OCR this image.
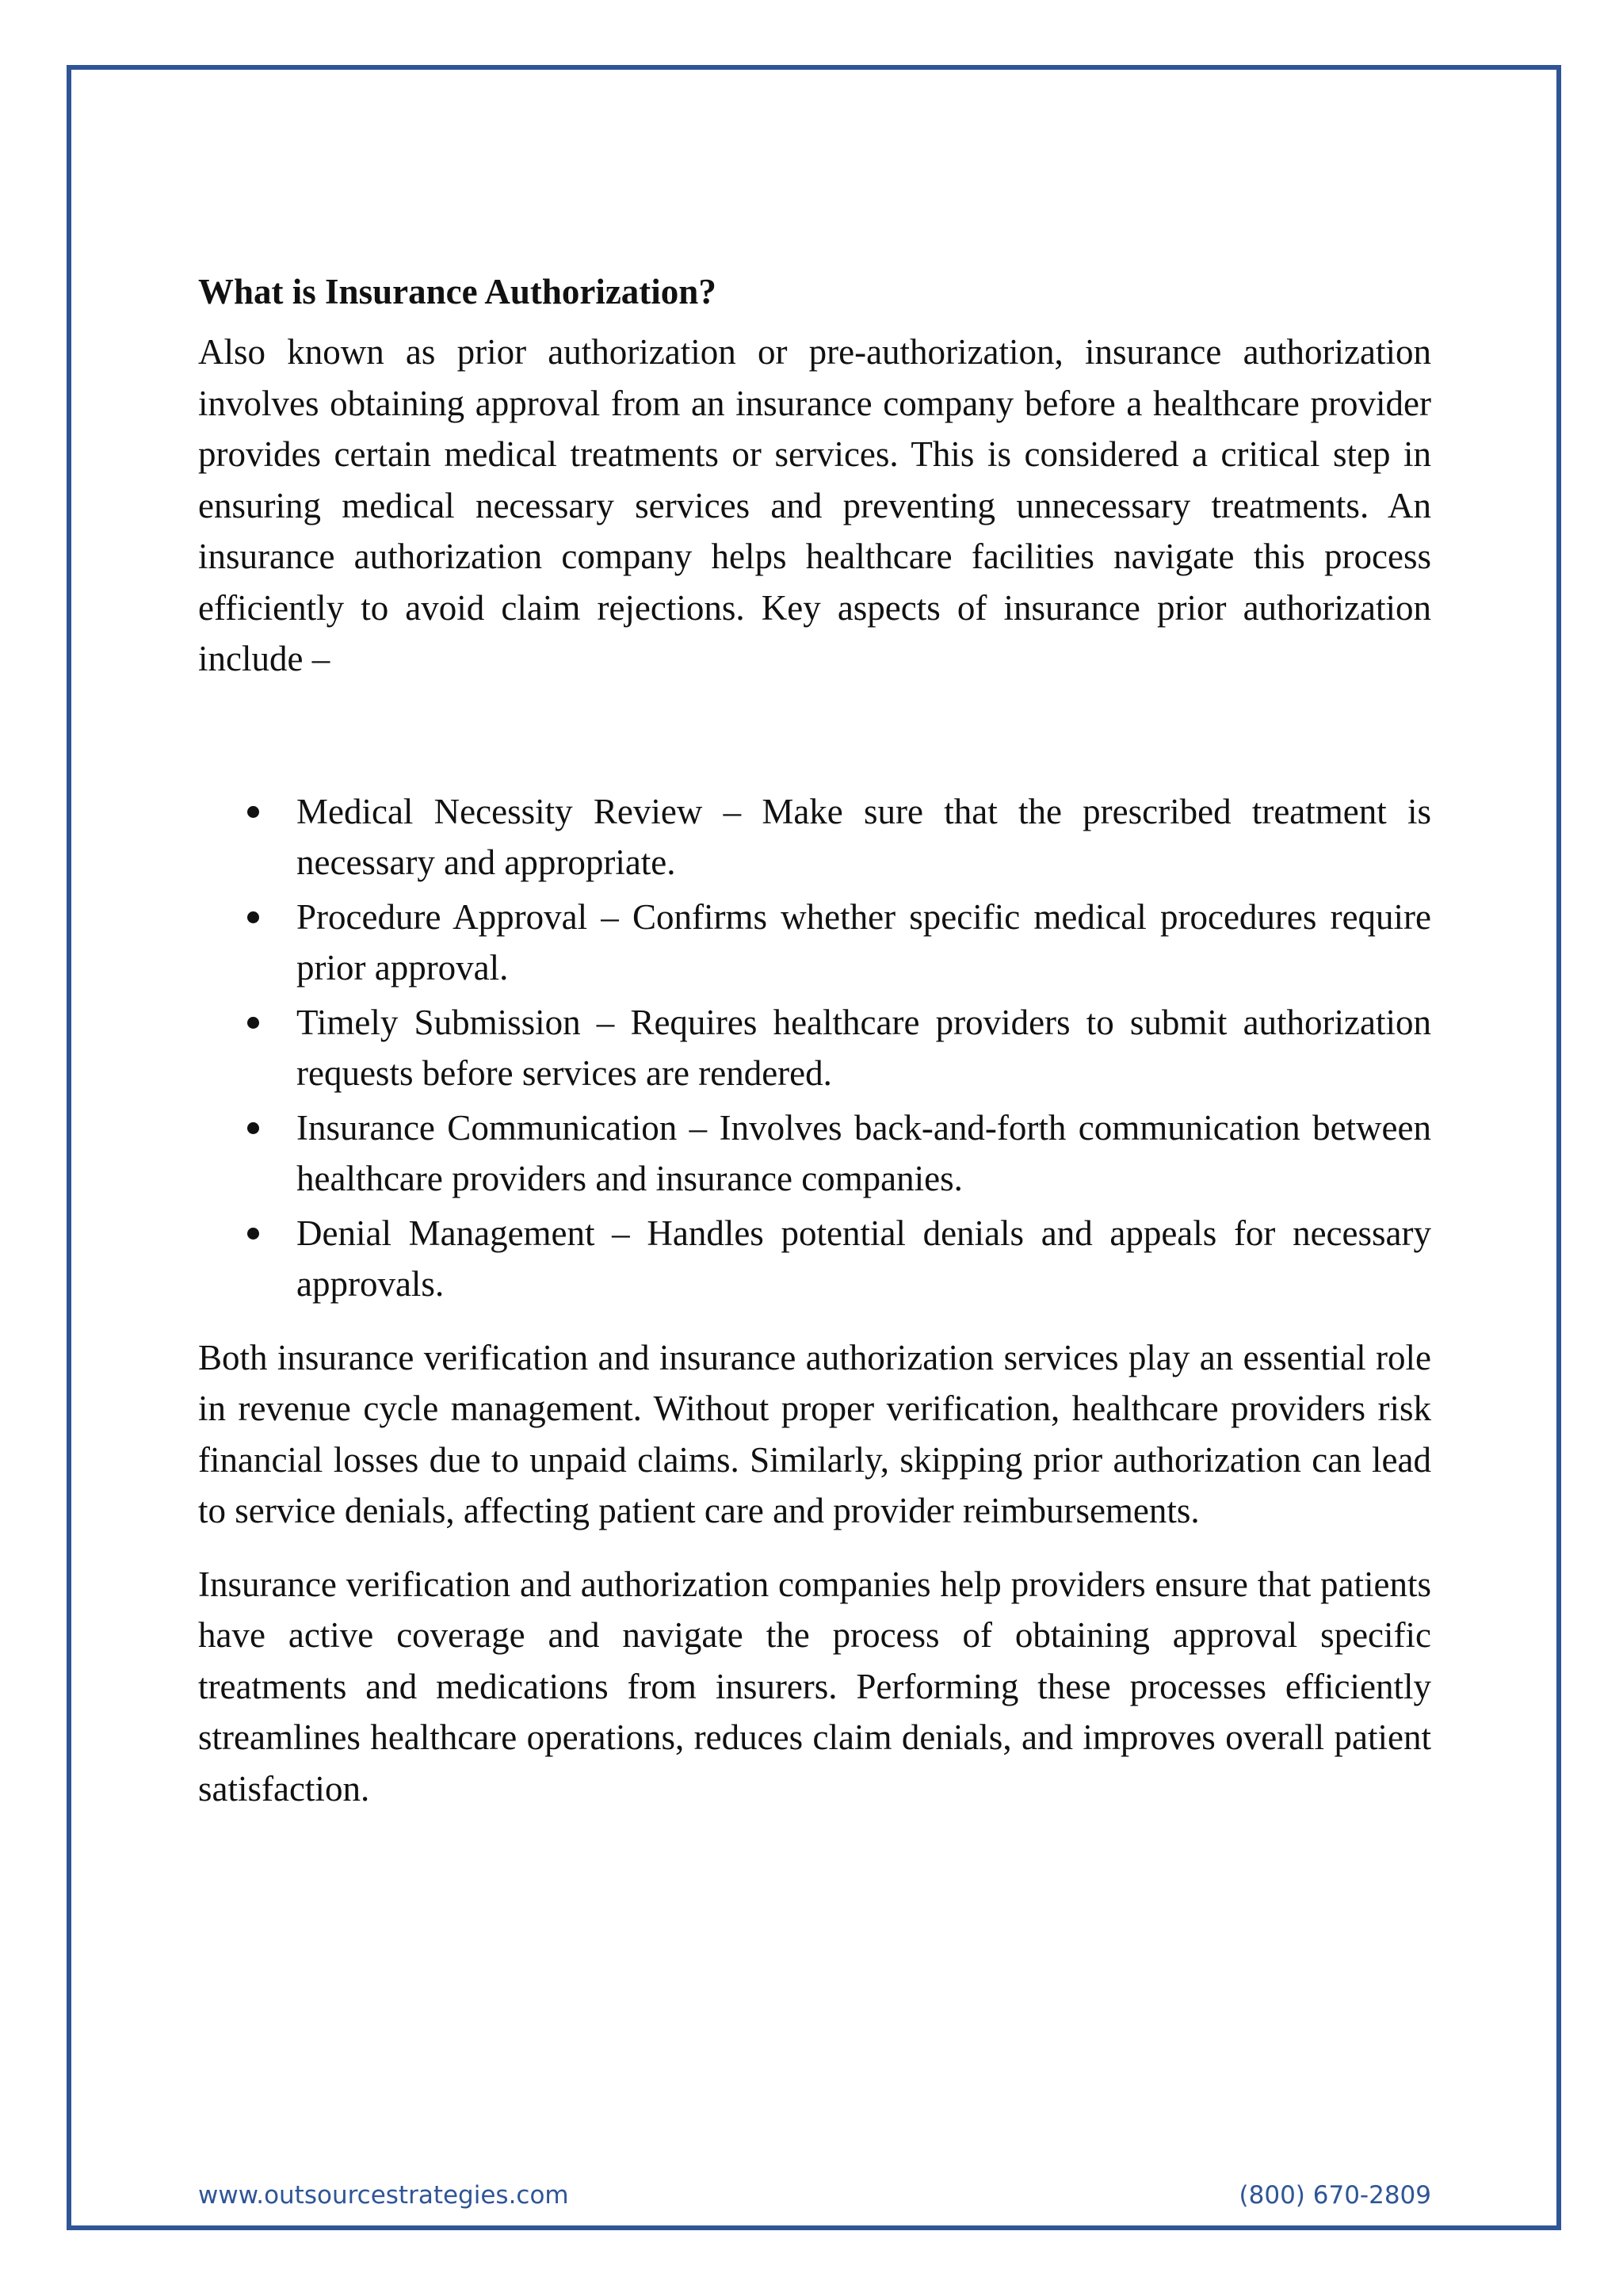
What is Insurance Authorization?

Also known as prior authorization or pre-authorization, insurance authorization involves obtaining approval from an insurance company before a healthcare provider provides certain medical treatments or services. This is considered a critical step in ensuring medical necessary services and preventing unnecessary treatments. An insurance authorization company helps healthcare facilities navigate this process efficiently to avoid claim rejections. Key aspects of insurance prior authorization include –

Medical Necessity Review – Make sure that the prescribed treatment is necessary and appropriate.
Procedure Approval – Confirms whether specific medical procedures require prior approval.
Timely Submission – Requires healthcare providers to submit authorization requests before services are rendered.
Insurance Communication – Involves back-and-forth communication between healthcare providers and insurance companies.
Denial Management – Handles potential denials and appeals for necessary approvals.

Both insurance verification and insurance authorization services play an essential role in revenue cycle management. Without proper verification, healthcare providers risk financial losses due to unpaid claims. Similarly, skipping prior authorization can lead to service denials, affecting patient care and provider reimbursements.

Insurance verification and authorization companies help providers ensure that patients have active coverage and navigate the process of obtaining approval specific treatments and medications from insurers. Performing these processes efficiently streamlines healthcare operations, reduces claim denials, and improves overall patient satisfaction.

www.outsourcestrategies.com	(800) 670-2809
